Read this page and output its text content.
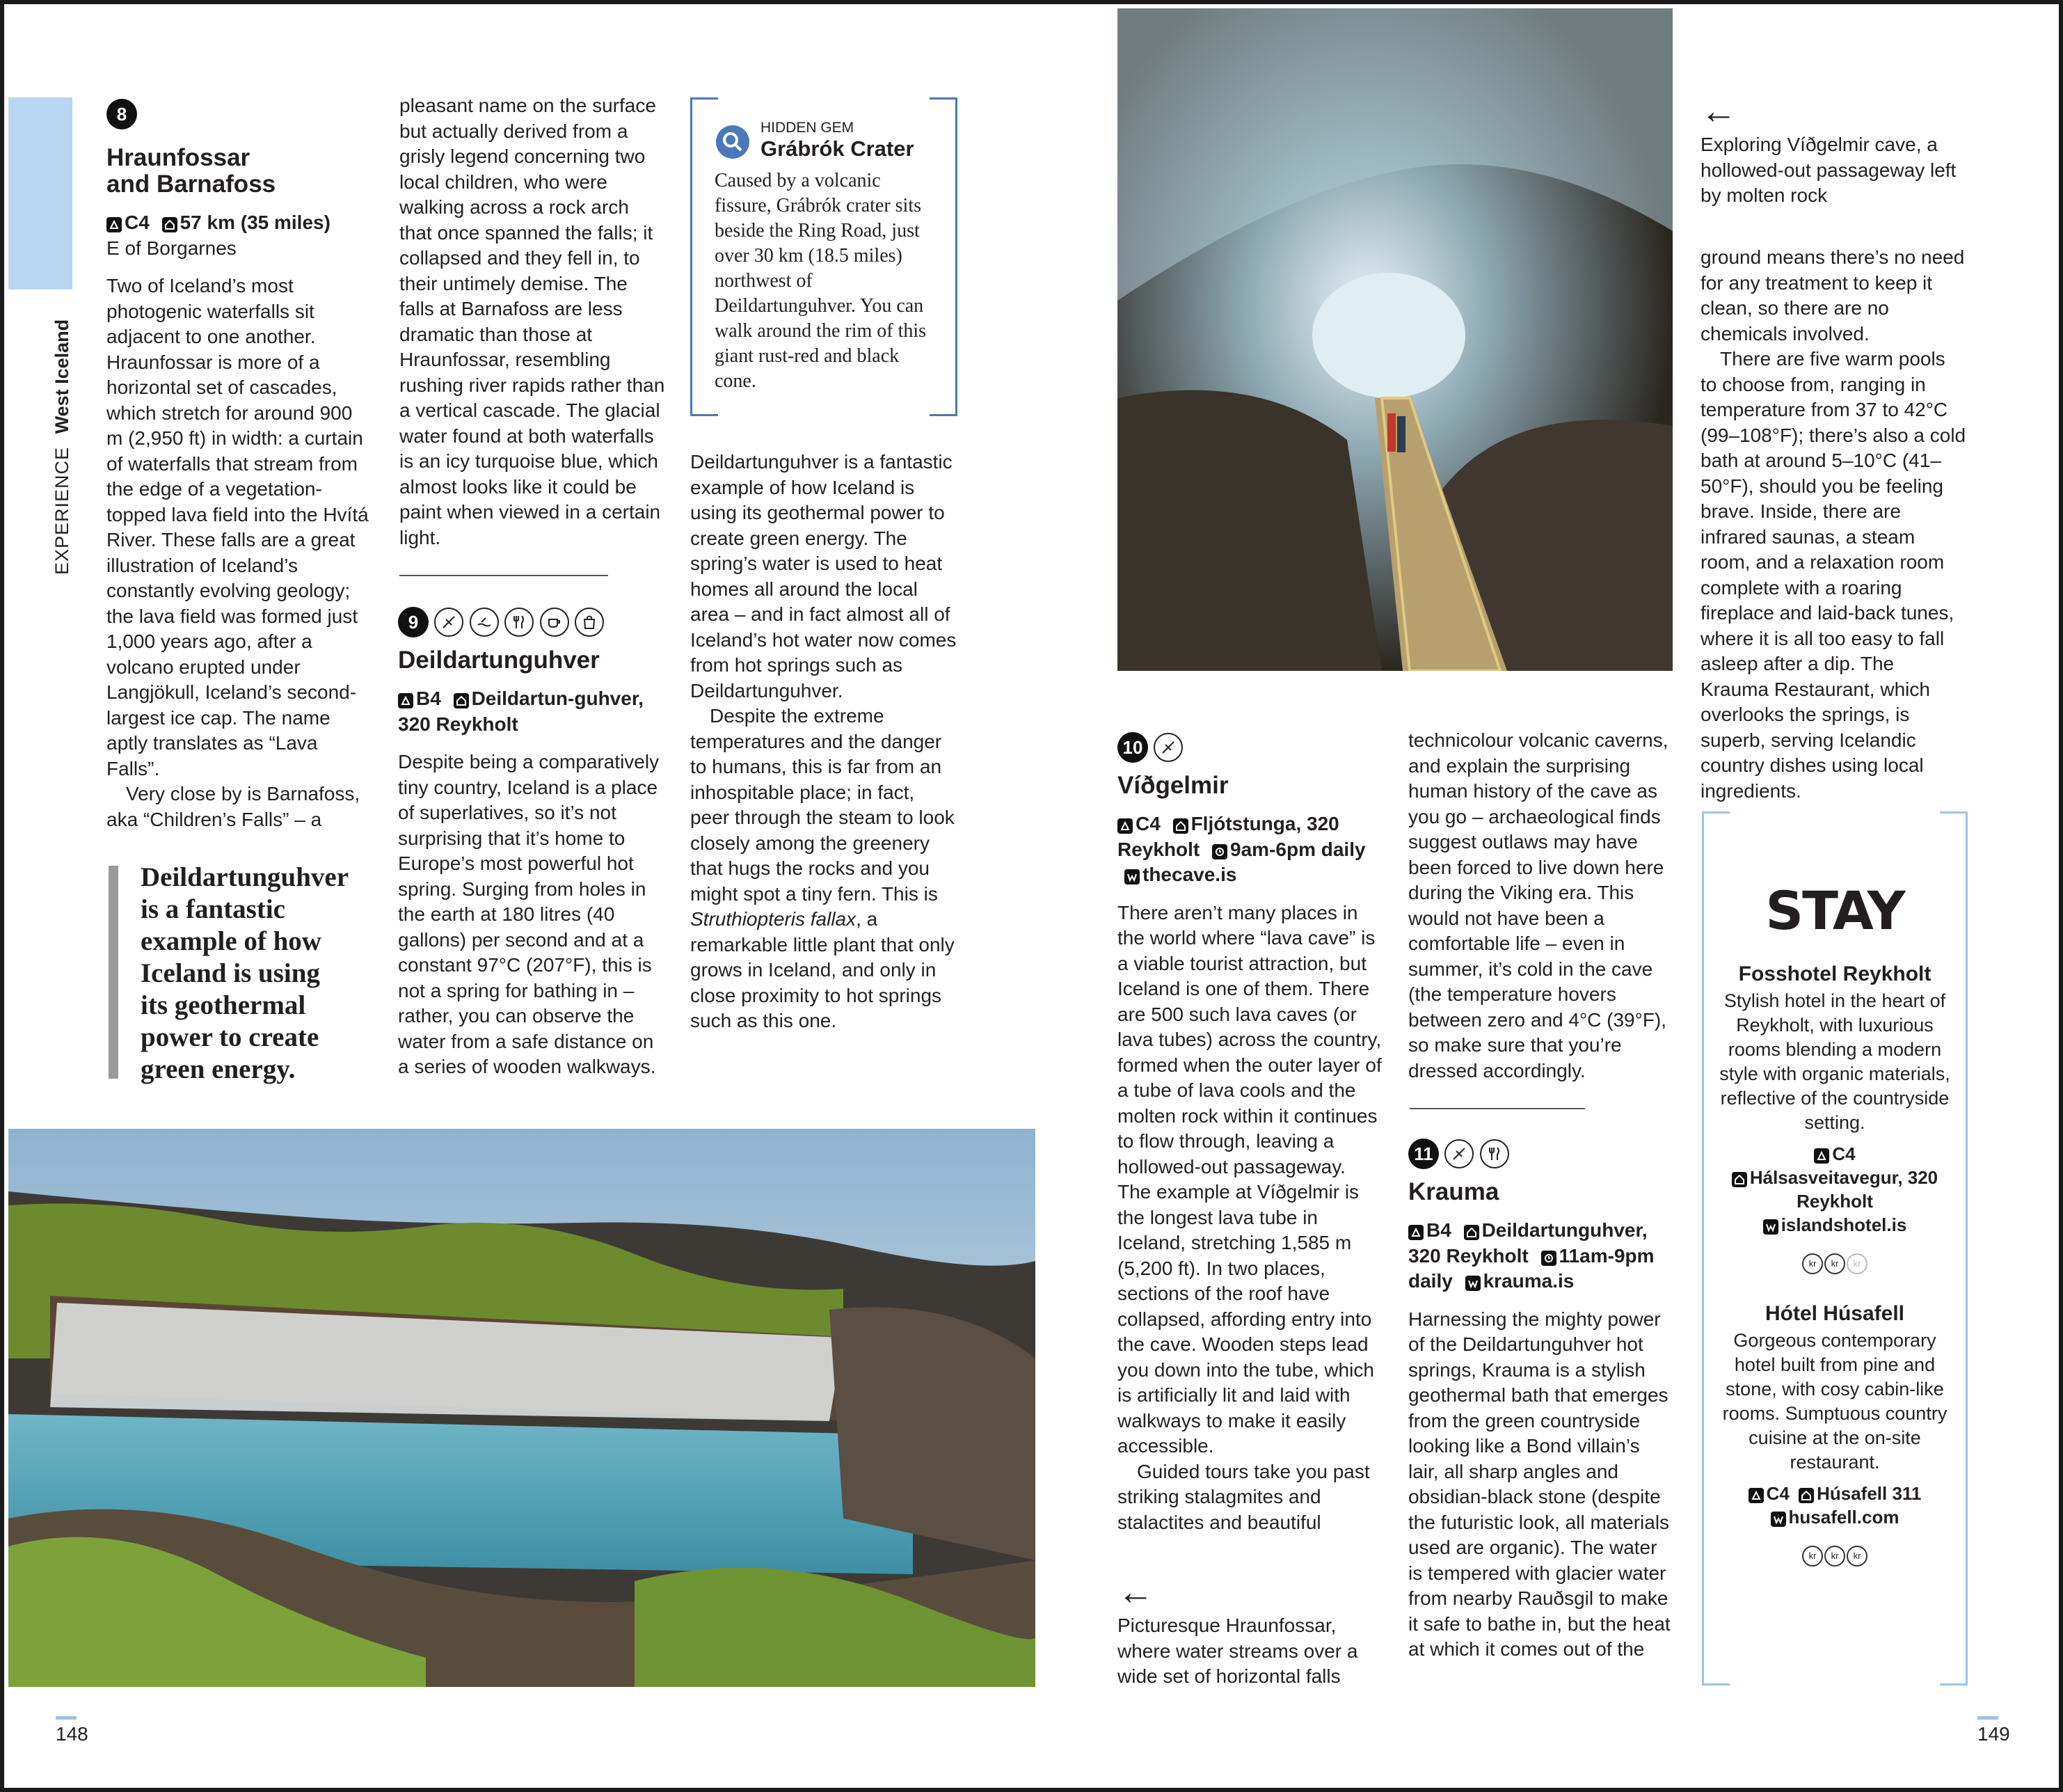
EXPERIENCE West Iceland
8
Hraunfossar
and Barnafoss
C4 57 km (35 miles)
E of Borgarnes

Two of Iceland’s most photogenic waterfalls sit adjacent to one another. Hraunfossar is more of a horizontal set of cascades, which stretch for around 900 m (2,950 ft) in width: a curtain of waterfalls that stream from the edge of a vegetation-topped lava field into the Hvítá River. These falls are a great illustration of Iceland’s constantly evolving geology; the lava field was formed just 1,000 years ago, after a volcano erupted under Langjökull, Iceland’s second-largest ice cap. The name aptly translates as “Lava Falls”.

Very close by is Barnafoss, aka “Children’s Falls” – a

Deildartunguhver is a fantastic example of how Iceland is using its geothermal power to create green energy.

pleasant name on the surface but actually derived from a grisly legend concerning two local children, who were walking across a rock arch that once spanned the falls; it collapsed and they fell in, to their untimely demise. The falls at Barnafoss are less dramatic than those at Hraunfossar, resembling rushing river rapids rather than a vertical cascade. The glacial water found at both waterfalls is an icy turquoise blue, which almost looks like it could be paint when viewed in a certain light.

9

Deildartunguhver
B4 Deildartun-guhver, 320 Reykholt

Despite being a comparatively tiny country, Iceland is a place of superlatives, so it’s not surprising that it’s home to Europe’s most powerful hot spring. Surging from holes in the earth at 180 litres (40 gallons) per second and at a constant 97°C (207°F), this is not a spring for bathing in – rather, you can observe the water from a safe distance on a series of wooden walkways.

HIDDEN GEM
Grábrók Crater

Caused by a volcanic fissure, Grábrók crater sits beside the Ring Road, just over 30 km (18.5 miles) northwest of Deildartunguhver. You can walk around the rim of this giant rust-red and black cone.

Deildartunguhver is a fantastic example of how Iceland is using its geothermal power to create green energy. The spring’s water is used to heat homes all around the local area – and in fact almost all of Iceland’s hot water now comes from hot springs such as Deildartunguhver.

Despite the extreme temperatures and the danger to humans, this is far from an inhospitable place; in fact, peer through the steam to look closely among the greenery that hugs the rocks and you might spot a tiny fern. This is Struthiopteris fallax, a remarkable little plant that only grows in Iceland, and only in close proximity to hot springs such as this one.

10
Víðgelmir
C4 Fljótstunga, 320 Reykholt 9am-6pm daily
thecave.is

There aren’t many places in the world where “lava cave” is a viable tourist attraction, but Iceland is one of them. There are 500 such lava caves (or lava tubes) across the country, formed when the outer layer of a tube of lava cools and the molten rock within it continues to flow through, leaving a hollowed-out passageway. The example at Víðgelmir is the longest lava tube in Iceland, stretching 1,585 m (5,200 ft). In two places, sections of the roof have collapsed, affording entry into the cave. Wooden steps lead you down into the tube, which is artificially lit and laid with walkways to make it easily accessible.

Guided tours take you past striking stalagmites and stalactites and beautiful

←

Picturesque Hraunfossar, where water streams over a wide set of horizontal falls

technicolour volcanic caverns, and explain the surprising human history of the cave as you go – archaeological finds suggest outlaws may have been forced to live down here during the Viking era. This would not have been a comfortable life – even in summer, it’s cold in the cave (the temperature hovers between zero and 4°C (39°F), so make sure that you’re dressed accordingly.

11

Krauma
B4 Deildartunguhver, 320 Reykholt 11am-9pm daily krauma.is

Harnessing the mighty power of the Deildartunguhver hot springs, Krauma is a stylish geothermal bath that emerges from the green countryside looking like a Bond villain’s lair, all sharp angles and obsidian-black stone (despite the futuristic look, all materials used are organic). The water is tempered with glacier water from nearby Rauðsgil to make it safe to bathe in, but the heat at which it comes out of the

←

Exploring Víðgelmir cave, a hollowed-out passageway left by molten rock

ground means there’s no need for any treatment to keep it clean, so there are no chemicals involved.

There are five warm pools to choose from, ranging in temperature from 37 to 42°C (99–108°F); there’s also a cold bath at around 5–10°C (41–50°F), should you be feeling brave. Inside, there are infrared saunas, a steam room, and a relaxation room complete with a roaring fireplace and laid-back tunes, where it is all too easy to fall asleep after a dip. The Krauma Restaurant, which overlooks the springs, is superb, serving Icelandic country dishes using local ingredients.

STAY
Fosshotel Reykholt
Stylish hotel in the heart of Reykholt, with luxurious rooms blending a modern style with organic materials, reflective of the countryside setting.
C4

Hálsasveitavegur, 320 Reykholt

islandshotel.is
kr kr kr
Hótel Húsafell
Gorgeous contemporary hotel built from pine and stone, with cosy cabin-like rooms. Sumptuous country cuisine at the on-site restaurant.
C4 Húsafell 311

husafell.com
kr kr kr
148	149
